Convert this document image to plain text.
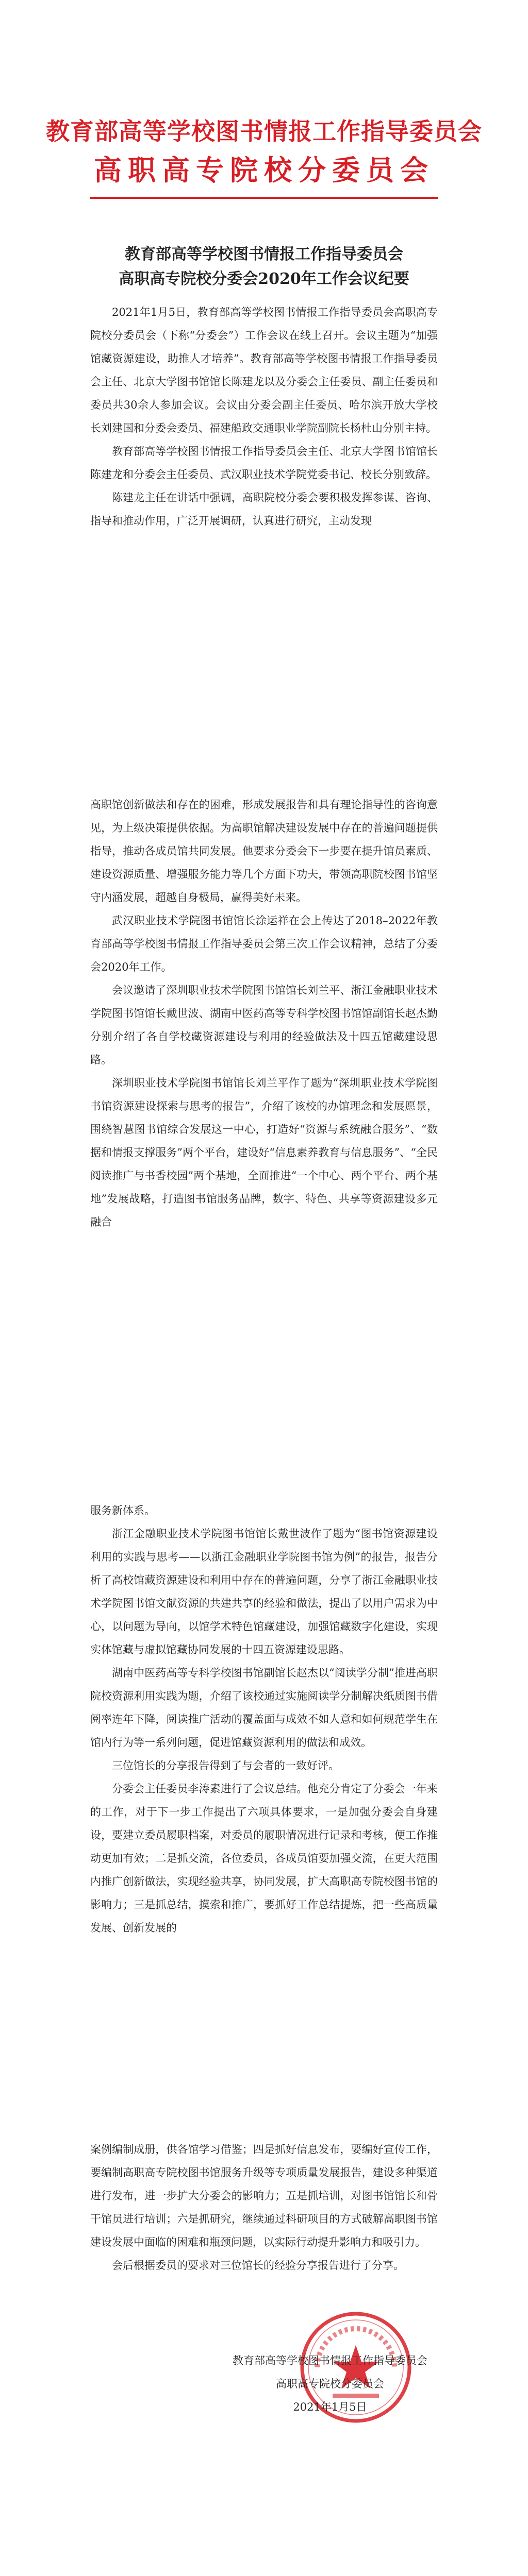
教育部高等学校图书情报工作指导委员会
高职高专院校分委员会
教育部高等学校图书情报工作指导委员会
高职高专院校分委会2020年工作会议纪要

2021年1月5日，教育部高等学校图书情报工作指导委员会高职高专院校分委员会（下称“分委会”）工作会议在线上召开。会议主题为“加强馆藏资源建设，助推人才培养”。教育部高等学校图书情报工作指导委员会主任、北京大学图书馆馆长陈建龙以及分委会主任委员、副主任委员和委员共30余人参加会议。会议由分委会副主任委员、哈尔滨开放大学校长刘建国和分委会委员、福建船政交通职业学院副院长杨杜山分别主持。

教育部高等学校图书情报工作指导委员会主任、北京大学图书馆馆长陈建龙和分委会主任委员、武汉职业技术学院党委书记、校长分别致辞。

陈建龙主任在讲话中强调，高职院校分委会要积极发挥参谋、咨询、指导和推动作用，广泛开展调研，认真进行研究，主动发现

高职馆创新做法和存在的困难，形成发展报告和具有理论指导性的咨询意见，为上级决策提供依据。为高职馆解决建设发展中存在的普遍问题提供指导，推动各成员馆共同发展。他要求分委会下一步要在提升馆员素质、建设资源质量、增强服务能力等几个方面下功夫，带领高职院校图书馆坚守内涵发展，超越自身极局，赢得美好未来。

武汉职业技术学院图书馆馆长涂运祥在会上传达了2018–2022年教育部高等学校图书情报工作指导委员会第三次工作会议精神，总结了分委会2020年工作。

会议邀请了深圳职业技术学院图书馆馆长刘兰平、浙江金融职业技术学院图书馆馆长戴世波、湖南中医药高等专科学校图书馆馆副馆长赵杰勤分别介绍了各自学校藏资源建设与利用的经验做法及十四五馆藏建设思路。

深圳职业技术学院图书馆馆长刘兰平作了题为“深圳职业技术学院图书馆资源建设探索与思考的报告”，介绍了该校的办馆理念和发展愿景，围绕智慧图书馆综合发展这一中心，打造好“资源与系统融合服务”、“数据和情报支撑服务”两个平台，建设好“信息素养教育与信息服务”、“全民阅读推广与书香校园”两个基地，全面推进“一个中心、两个平台、两个基地”发展战略，打造图书馆服务品牌，数字、特色、共享等资源建设多元融合

服务新体系。

浙江金融职业技术学院图书馆馆长戴世波作了题为“图书馆资源建设利用的实践与思考——以浙江金融职业学院图书馆为例”的报告，报告分析了高校馆藏资源建设和利用中存在的普遍问题，分享了浙江金融职业技术学院图书馆文献资源的共建共享的经验和做法，提出了以用户需求为中心，以问题为导向，以馆学术特色馆藏建设，加强馆藏数字化建设，实现实体馆藏与虚拟馆藏协同发展的十四五资源建设思路。

湖南中医药高等专科学校图书馆副馆长赵杰以“阅读学分制”推进高职院校资源利用实践为题，介绍了该校通过实施阅读学分制解决纸质图书借阅率连年下降，阅读推广活动的覆盖面与成效不如人意和如何规范学生在馆内行为等一系列问题，促进馆藏资源利用的做法和成效。

三位馆长的分享报告得到了与会者的一致好评。

分委会主任委员李涛素进行了会议总结。他充分肯定了分委会一年来的工作，对于下一步工作提出了六项具体要求，一是加强分委会自身建设，要建立委员履职档案，对委员的履职情况进行记录和考核，便工作推动更加有效；二是抓交流，各位委员，各成员馆要加强交流，在更大范围内推广创新做法，实现经验共享，协同发展，扩大高职高专院校图书馆的影响力；三是抓总结，摸索和推广，要抓好工作总结提炼，把一些高质量发展、创新发展的

案例编制成册，供各馆学习借鉴；四是抓好信息发布，要编好宣传工作，要编制高职高专院校图书馆服务升级等专项质量发展报告，建设多种渠道进行发布，进一步扩大分委会的影响力；五是抓培训，对图书馆馆长和骨干馆员进行培训；六是抓研究，继续通过科研项目的方式破解高职图书馆建设发展中面临的困难和瓶颈问题，以实际行动提升影响力和吸引力。

会后根据委员的要求对三位馆长的经验分享报告进行了分享。

教育部高等学校图书情报工作指导委员会
高职高专院校分委员会
2021年1月5日
